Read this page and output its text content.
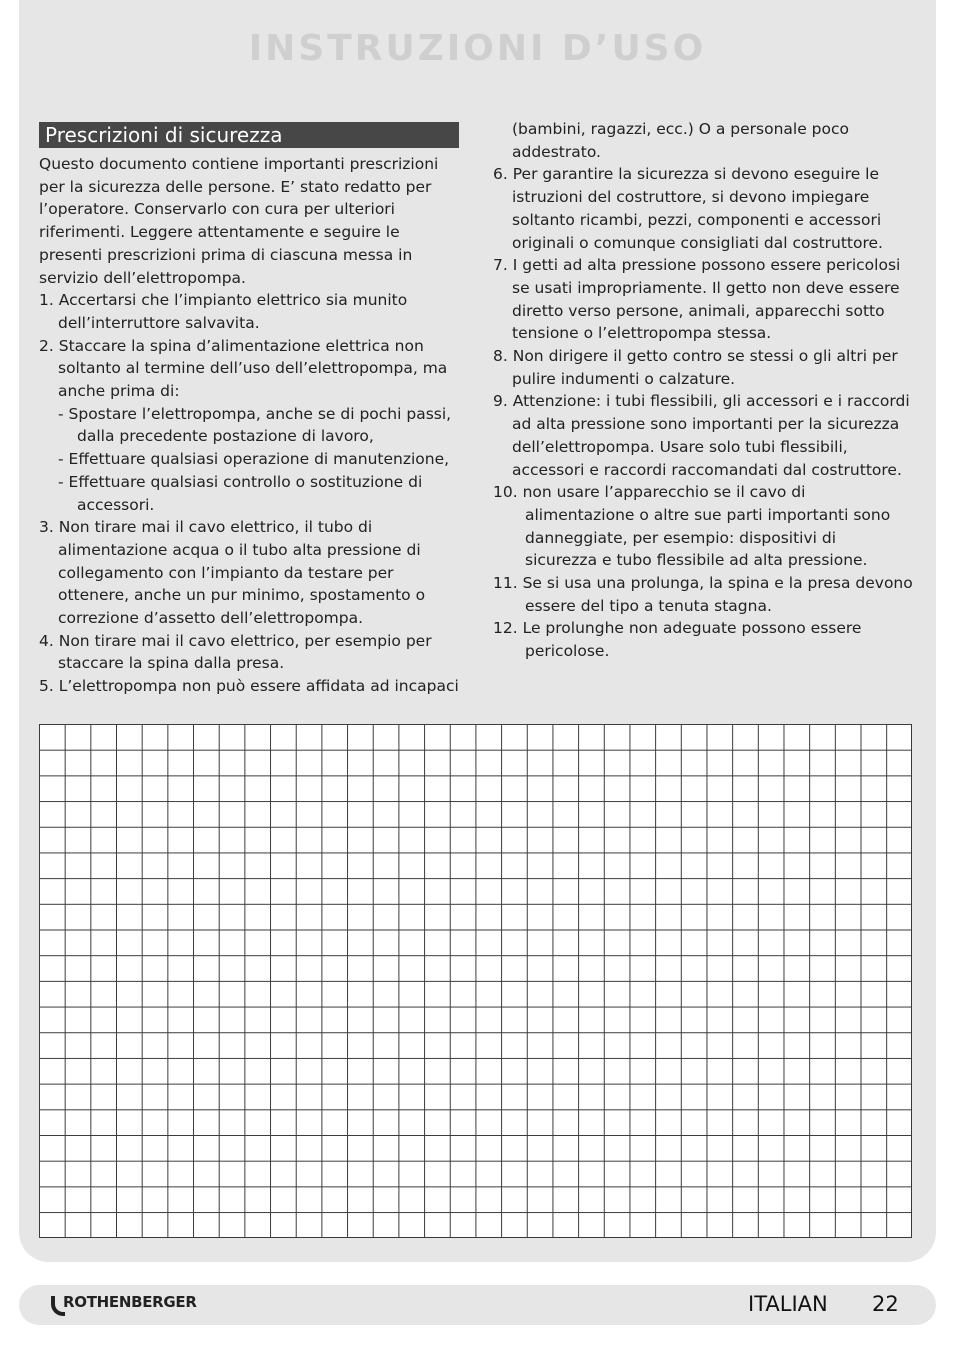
INSTRUZIONI D’USO
Prescrizioni di sicurezza

Questo documento contiene importanti prescrizioni per la sicurezza delle persone. E’ stato redatto per l’operatore. Conservarlo con cura per ulteriori riferimenti. Leggere attentamente e seguire le presenti prescrizioni prima di ciascuna messa in servizio dell’elettropompa.

1. Accertarsi che l’impianto elettrico sia munito dell’interruttore salvavita.

2. Staccare la spina d’alimentazione elettrica non soltanto al termine dell’uso dell’elettropompa, ma anche prima di:

- Spostare l’elettropompa, anche se di pochi passi, dalla precedente postazione di lavoro,

- Effettuare qualsiasi operazione di manutenzione,

- Effettuare qualsiasi controllo o sostituzione di accessori.

3. Non tirare mai il cavo elettrico, il tubo di alimentazione acqua o il tubo alta pressione di collegamento con l’impianto da testare per ottenere, anche un pur minimo, spostamento o correzione d’assetto dell’elettropompa.

4. Non tirare mai il cavo elettrico, per esempio per staccare la spina dalla presa.

5. L’elettropompa non può essere affidata ad incapaci

(bambini, ragazzi, ecc.) O a personale poco addestrato.

6. Per garantire la sicurezza si devono eseguire le istruzioni del costruttore, si devono impiegare soltanto ricambi, pezzi, componenti e accessori originali o comunque consigliati dal costruttore.

7. I getti ad alta pressione possono essere pericolosi se usati impropriamente. Il getto non deve essere diretto verso persone, animali, apparecchi sotto tensione o l’elettropompa stessa.

8. Non dirigere il getto contro se stessi o gli altri per pulire indumenti o calzature.

9. Attenzione: i tubi flessibili, gli accessori e i raccordi ad alta pressione sono importanti per la sicurezza dell’elettropompa. Usare solo tubi flessibili, accessori e raccordi raccomandati dal costruttore.

10. non usare l’apparecchio se il cavo di alimentazione o altre sue parti importanti sono danneggiate, per esempio: dispositivi di sicurezza e tubo flessibile ad alta pressione.

11. Se si usa una prolunga, la spina e la presa devono essere del tipo a tenuta stagna.

12. Le prolunghe non adeguate possono essere pericolose.

ROTHENBERGER	ITALIAN 22
